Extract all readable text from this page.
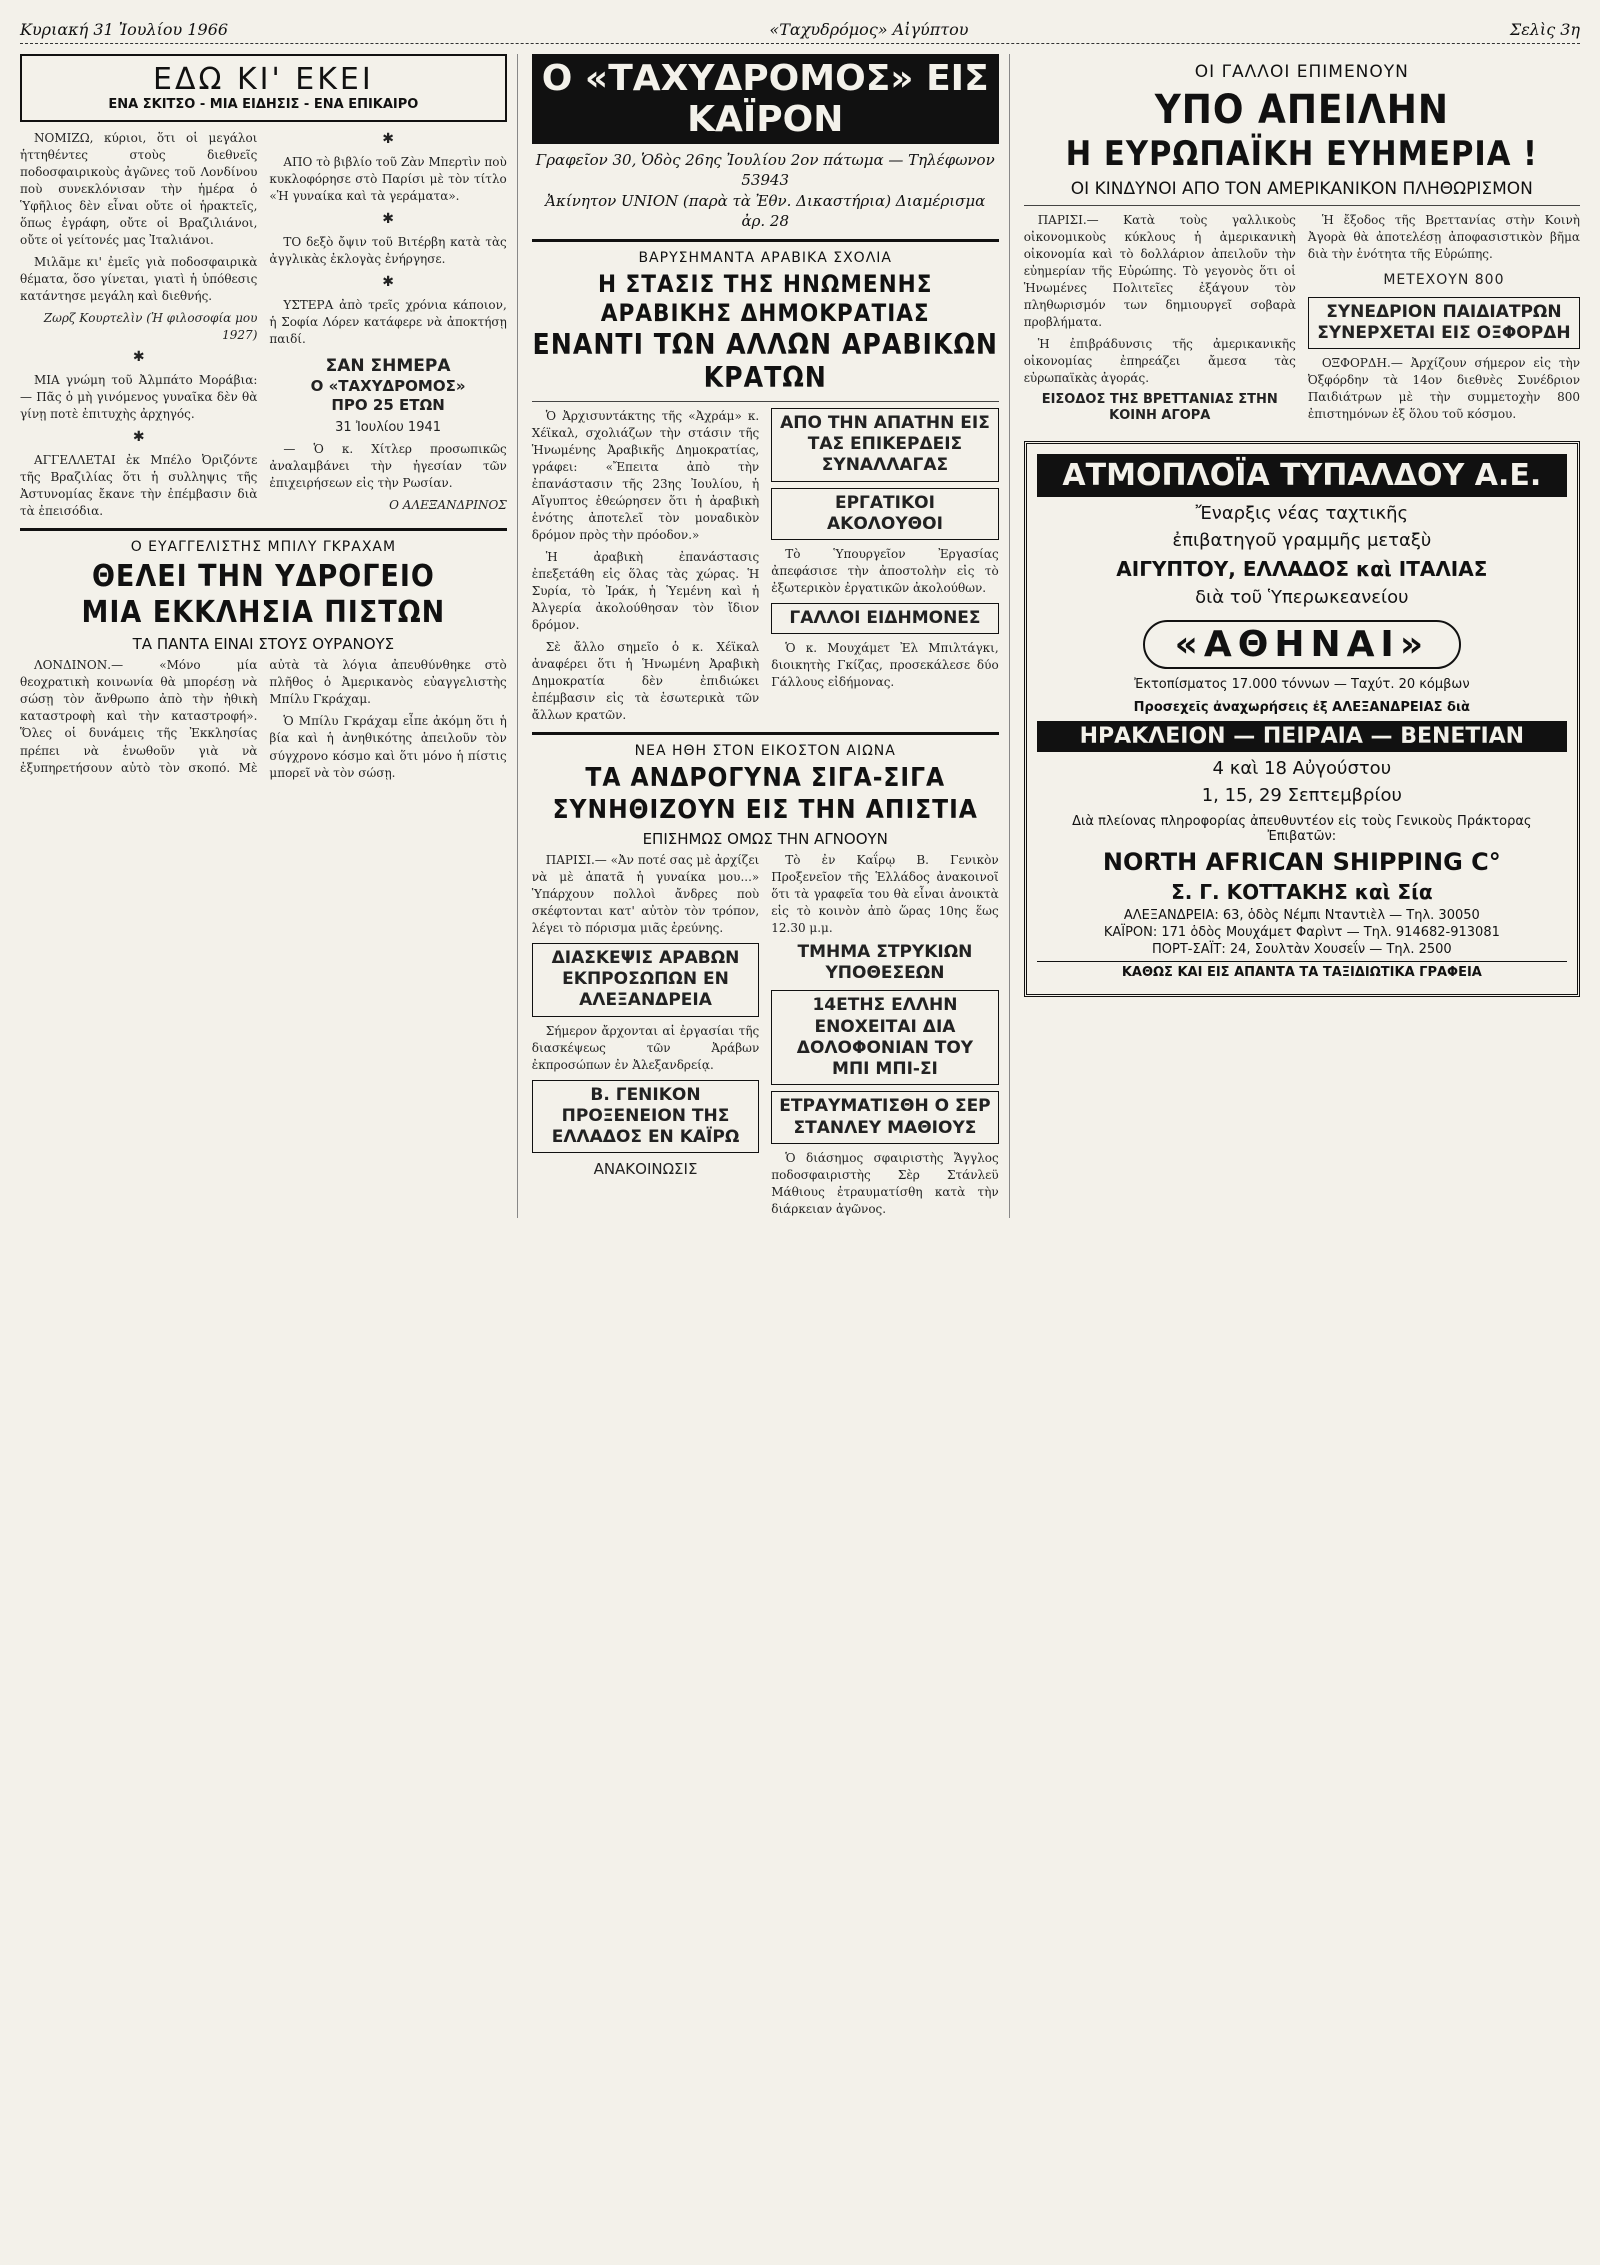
Κυριακή 31 Ἰουλίου 1966	«Ταχυδρόμος» Αἰγύπτου	Σελὶς 3η
ΕΔΩ ΚΙ' ΕΚΕΙ
ΕΝΑ ΣΚΙΤΣΟ - ΜΙΑ ΕΙΔΗΣΙΣ - ΕΝΑ ΕΠΙΚΑΙΡΟ

ΝΟΜΙΖΩ, κύριοι, ὅτι οἱ μεγάλοι ἡττηθέντες στοὺς διεθνεῖς ποδοσφαιρικοὺς ἀγῶνες τοῦ Λονδίνου ποὺ συνεκλόνισαν τὴν ἡμέρα ὁ Ὑφῆλιος δὲν εἶναι οὔτε οἱ ἡρακτεῖς, ὅπως ἐγράφη, οὔτε οἱ Βραζιλιάνοι, οὔτε οἱ γείτονές μας Ἰταλιάνοι.

Μιλᾶμε κι' ἐμεῖς γιὰ ποδοσφαιρικὰ θέματα, ὅσο γίνεται, γιατὶ ἡ ὑπόθεσις κατάντησε μεγάλη καὶ διεθνής.

Ζωρζ Κουρτελὶν (Ἡ φιλοσοφία μου 1927)
✱

ΜΙΑ γνώμη τοῦ Ἀλμπάτο Μοράβια: — Πᾶς ὁ μὴ γινόμενος γυναῖκα δὲν θὰ γίνῃ ποτὲ ἐπιτυχὴς ἀρχηγός.

✱

ΑΓΓΕΛΛΕΤΑΙ ἐκ Μπέλο Ὀριζόντε τῆς Βραζιλίας ὅτι ἡ συλληψις τῆς Ἀστυνομίας ἔκανε τὴν ἐπέμβασιν διὰ τὰ ἐπεισόδια.

✱

ΑΠΟ τὸ βιβλίο τοῦ Ζὰν Μπερτὶν ποὺ κυκλοφόρησε στὸ Παρίσι μὲ τὸν τίτλο «Ἡ γυναίκα καὶ τὰ γεράματα».

✱

ΤΟ δεξὸ ὄψιν τοῦ Βιτέρβη κατὰ τὰς ἀγγλικὰς ἐκλογὰς ἐνήργησε.

✱

ΥΣΤΕΡΑ ἀπὸ τρεῖς χρόνια κάποιον, ἡ Σοφία Λόρεν κατάφερε νὰ ἀποκτήσῃ παιδί.

ΣΑΝ ΣΗΜΕΡΑ
Ο «ΤΑΧΥΔΡΟΜΟΣ»
ΠΡΟ 25 ΕΤΩΝ
31 Ἰουλίου 1941

— Ὁ κ. Χίτλερ προσωπικῶς ἀναλαμβάνει τὴν ἡγεσίαν τῶν ἐπιχειρήσεων εἰς τὴν Ρωσίαν.

Ο ΑΛΕΞΑΝΔΡΙΝΟΣ
Ο ΕΥΑΓΓΕΛΙΣΤΗΣ ΜΠΙΛΥ ΓΚΡΑΧΑΜ
ΘΕΛΕΙ ΤΗΝ ΥΔΡΟΓΕΙΟ
ΜΙΑ ΕΚΚΛΗΣΙΑ ΠΙΣΤΩΝ
ΤΑ ΠΑΝΤΑ ΕΙΝΑΙ ΣΤΟΥΣ ΟΥΡΑΝΟΥΣ

ΛΟΝΔΙΝΟΝ.— «Μόνο μία θεοχρατικὴ κοινωνία θὰ μπορέσῃ νὰ σώσῃ τὸν ἄνθρωπο ἀπὸ τὴν ἠθικὴ καταστροφὴ καὶ τὴν καταστροφή». Ὅλες οἱ δυνάμεις τῆς Ἐκκλησίας πρέπει νὰ ἑνωθοῦν γιὰ νὰ ἐξυπηρετήσουν αὐτὸ τὸν σκοπό. Μὲ αὐτὰ τὰ λόγια ἀπευθύνθηκε στὸ πλῆθος ὁ Ἀμερικανὸς εὐαγγελιστὴς Μπίλυ Γκράχαμ.

Ὁ Μπίλυ Γκράχαμ εἶπε ἀκόμη ὅτι ἡ βία καὶ ἡ ἀνηθικότης ἀπειλοῦν τὸν σύγχρονο κόσμο καὶ ὅτι μόνο ἡ πίστις μπορεῖ νὰ τὸν σώσῃ.

Ο «ΤΑΧΥΔΡΟΜΟΣ» ΕΙΣ ΚΑΪΡΟΝ
Γραφεῖον 30, Ὁδὸς 26ης Ἰουλίου 2ον πάτωμα — Τηλέφωνον 53943
Ἀκίνητον UNION (παρὰ τὰ Ἐθν. Δικαστήρια) Διαμέρισμα ἀρ. 28
ΒΑΡΥΣΗΜΑΝΤΑ ΑΡΑΒΙΚΑ ΣΧΟΛΙΑ
Η ΣΤΑΣΙΣ ΤΗΣ ΗΝΩΜΕΝΗΣ ΑΡΑΒΙΚΗΣ ΔΗΜΟΚΡΑΤΙΑΣ
ΕΝΑΝΤΙ ΤΩΝ ΑΛΛΩΝ ΑΡΑΒΙΚΩΝ ΚΡΑΤΩΝ

Ὁ Ἀρχισυντάκτης τῆς «Ἀχράμ» κ. Χέϊκαλ, σχολιάζων τὴν στάσιν τῆς Ἡνωμένης Ἀραβικῆς Δημοκρατίας, γράφει: «Ἔπειτα ἀπὸ τὴν ἐπανάστασιν τῆς 23ης Ἰουλίου, ἡ Αἴγυπτος ἐθεώρησεν ὅτι ἡ ἀραβικὴ ἑνότης ἀποτελεῖ τὸν μοναδικὸν δρόμον πρὸς τὴν πρόοδον.»

Ἡ ἀραβικὴ ἐπανάστασις ἐπεξετάθη εἰς ὅλας τὰς χώρας. Ἡ Συρία, τὸ Ἰράκ, ἡ Ὑεμένη καὶ ἡ Ἀλγερία ἀκολούθησαν τὸν ἴδιον δρόμον.

Σὲ ἄλλο σημεῖο ὁ κ. Χέϊκαλ ἀναφέρει ὅτι ἡ Ἡνωμένη Ἀραβικὴ Δημοκρατία δὲν ἐπιδιώκει ἐπέμβασιν εἰς τὰ ἐσωτερικὰ τῶν ἄλλων κρατῶν.

ΑΠΟ ΤΗΝ ΑΠΑΤΗΝ ΕΙΣ ΤΑΣ ΕΠΙΚΕΡΔΕΙΣ ΣΥΝΑΛΛΑΓΑΣ
ΕΡΓΑΤΙΚΟΙ ΑΚΟΛΟΥΘΟΙ

Τὸ Ὑπουργεῖον Ἐργασίας ἀπεφάσισε τὴν ἀποστολὴν εἰς τὸ ἐξωτερικὸν ἐργατικῶν ἀκολούθων.

ΓΑΛΛΟΙ ΕΙΔΗΜΟΝΕΣ

Ὁ κ. Μουχάμετ Ἐλ Μπιλτάγκι, διοικητὴς Γκίζας, προσεκάλεσε δύο Γάλλους εἰδήμονας.

ΝΕΑ ΗΘΗ ΣΤΟΝ ΕΙΚΟΣΤΟΝ ΑΙΩΝΑ
ΤΑ ΑΝΔΡΟΓΥΝΑ ΣΙΓΑ-ΣΙΓΑ
ΣΥΝΗΘΙΖΟΥΝ ΕΙΣ ΤΗΝ ΑΠΙΣΤΙΑ
ΕΠΙΣΗΜΩΣ ΟΜΩΣ ΤΗΝ ΑΓΝΟΟΥΝ

ΠΑΡΙΣΙ.— «Ἀν ποτέ σας μὲ ἀρχίζει νὰ μὲ ἀπατᾶ ἡ γυναίκα μου...» Ὑπάρχουν πολλοὶ ἄνδρες ποὺ σκέφτονται κατ' αὐτὸν τὸν τρόπον, λέγει τὸ πόρισμα μιᾶς ἐρεύνης.

ΔΙΑΣΚΕΨΙΣ ΑΡΑΒΩΝ ΕΚΠΡΟΣΩΠΩΝ ΕΝ ΑΛΕΞΑΝΔΡΕΙΑ

Σήμερον ἄρχονται αἱ ἐργασίαι τῆς διασκέψεως τῶν Ἀράβων ἐκπροσώπων ἐν Ἀλεξανδρείᾳ.

Β. ΓΕΝΙΚΟΝ ΠΡΟΞΕΝΕΙΟΝ ΤΗΣ ΕΛΛΑΔΟΣ ΕΝ ΚΑΪΡΩ
ΑΝΑΚΟΙΝΩΣΙΣ

Τὸ ἐν Καΐρῳ Β. Γενικὸν Προξενεῖον τῆς Ἑλλάδος ἀνακοινοῖ ὅτι τὰ γραφεῖα του θὰ εἶναι ἀνοικτὰ εἰς τὸ κοινὸν ἀπὸ ὥρας 10ης ἕως 12.30 μ.μ.

ΤΜΗΜΑ ΣΤΡΥΚΙΩΝ ΥΠΟΘΕΣΕΩΝ
14ΕΤΗΣ ΕΛΛΗΝ ΕΝΟΧΕΙΤΑΙ ΔΙΑ ΔΟΛΟΦΟΝΙΑΝ ΤΟΥ ΜΠΙ ΜΠΙ-ΣΙ
ΕΤΡΑΥΜΑΤΙΣΘΗ Ο ΣΕΡ ΣΤΑΝΛΕΥ ΜΑΘΙΟΥΣ

Ὁ διάσημος σφαιριστὴς Ἄγγλος ποδοσφαιριστὴς Σὲρ Στάνλεϋ Μάθιους ἐτραυματίσθη κατὰ τὴν διάρκειαν ἀγῶνος.

ΟΙ ΓΑΛΛΟΙ ΕΠΙΜΕΝΟΥΝ
ΥΠΟ ΑΠΕΙΛΗΝ
Η ΕΥΡΩΠΑΪΚΗ ΕΥΗΜΕΡΙΑ !
ΟΙ ΚΙΝΔΥΝΟΙ ΑΠΟ ΤΟΝ ΑΜΕΡΙΚΑΝΙΚΟΝ ΠΛΗΘΩΡΙΣΜΟΝ

ΠΑΡΙΣΙ.— Κατὰ τοὺς γαλλικοὺς οἰκονομικοὺς κύκλους ἡ ἀμερικανικὴ οἰκονομία καὶ τὸ δολλάριον ἀπειλοῦν τὴν εὐημερίαν τῆς Εὐρώπης. Τὸ γεγονὸς ὅτι οἱ Ἡνωμένες Πολιτεῖες ἐξάγουν τὸν πληθωρισμόν των δημιουργεῖ σοβαρὰ προβλήματα.

Ἡ ἐπιβράδυνσις τῆς ἀμερικανικῆς οἰκονομίας ἐπηρεάζει ἄμεσα τὰς εὐρωπαϊκὰς ἀγοράς.

ΕΙΣΟΔΟΣ ΤΗΣ ΒΡΕΤΤΑΝΙΑΣ ΣΤΗΝ ΚΟΙΝΗ ΑΓΟΡΑ

Ἡ ἔξοδος τῆς Βρεττανίας στὴν Κοινὴ Ἀγορὰ θὰ ἀποτελέσῃ ἀποφασιστικὸν βῆμα διὰ τὴν ἑνότητα τῆς Εὐρώπης.

ΜΕΤΕΧΟΥΝ 800
ΣΥΝΕΔΡΙΟΝ ΠΑΙΔΙΑΤΡΩΝ ΣΥΝΕΡΧΕΤΑΙ ΕΙΣ ΟΞΦΟΡΔΗ

ΟΞΦΟΡΔΗ.— Ἀρχίζουν σήμερον εἰς τὴν Ὀξφόρδην τὰ 14ον διεθνὲς Συνέδριον Παιδιάτρων μὲ τὴν συμμετοχὴν 800 ἐπιστημόνων ἐξ ὅλου τοῦ κόσμου.

ΑΤΜΟΠΛΟΪΑ ΤΥΠΑΛΔΟΥ Α.Ε.
Ἔναρξις νέας ταχτικῆς
ἐπιβατηγοῦ γραμμῆς μεταξὺ
ΑΙΓΥΠΤΟΥ, ΕΛΛΑΔΟΣ καὶ ΙΤΑΛΙΑΣ
διὰ τοῦ Ὑπερωκεανείου
«ΑΘΗΝΑΙ»
Ἐκτοπίσματος 17.000 τόννων — Ταχύτ. 20 κόμβων
Προσεχεῖς ἀναχωρήσεις ἐξ ΑΛΕΞΑΝΔΡΕΙΑΣ διὰ
ΗΡΑΚΛΕΙΟΝ — ΠΕΙΡΑΙΑ — ΒΕΝΕΤΙΑΝ
4 καὶ 18 Αὐγούστου
1, 15, 29 Σεπτεμβρίου
Διὰ πλείονας πληροφορίας ἀπευθυντέον εἰς τοὺς Γενικοὺς Πράκτορας Ἐπιβατῶν:
NORTH AFRICAN SHIPPING C°
Σ. Γ. ΚΟΤΤΑΚΗΣ καὶ Σία
ΑΛΕΞΑΝΔΡΕΙΑ: 63, ὁδὸς Νέμπι Νταντιὲλ — Τηλ. 30050
ΚΑΪΡΟΝ: 171 ὁδὸς Μουχάμετ Φαρὶντ — Τηλ. 914682-913081
ΠΟΡΤ-ΣΑΪΤ: 24, Σουλτὰν Χουσεΐν — Τηλ. 2500
ΚΑΘΩΣ ΚΑΙ ΕΙΣ ΑΠΑΝΤΑ ΤΑ ΤΑΞΙΔΙΩΤΙΚΑ ΓΡΑΦΕΙΑ
